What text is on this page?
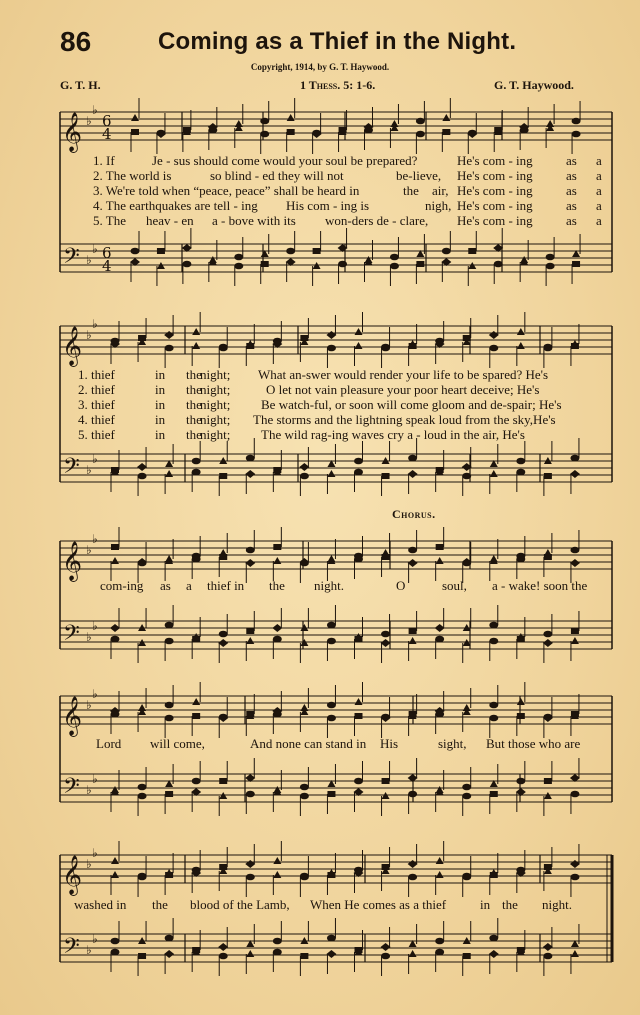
86	Coming as a Thief in the Night.
Copyright, 1914, by G. T. Haywood.
G. T. H.	1 Thess. 5: 1-6.	G. T. Haywood.
𝄞
𝄢
♭
♭
♭
♭
𝄞
𝄢
♭
♭
♭
♭
𝄞
𝄢
♭
♭
♭
♭
𝄞
𝄢
♭
♭
♭
♭
𝄞
𝄢
♭
♭
♭
♭
6
4
6
4
1. If	Je - sus should come would your soul be prepared?	He's com - ing	as a
2. The world is	so blind - ed they will not	be-lieve, He's com - ing	as a
3. We're told when “peace, peace” shall be heard in	the air, He's com - ing	as a
4. The earthquakes are tell - ing His com - ing is	nigh, He's com - ing	as a
5. The heav - en a - bove with its won-ders de - clare, He's com - ing	as a
1. thief	in the
night; What an-swer would render your life to be spared? He's
2. thief	in the
night;	O let not vain pleasure your poor heart deceive; He's
3. thief	in the
night; Be watch-ful, or soon will come gloom and de-spair; He's
4. thief	in the
night; The storms and the lightning speak loud from the sky,He's
5. thief	in the
night; The wild rag-ing waves cry a - loud in the air, He's
Chorus.
com-ing as a thief in the night.	O	soul, a - wake! soon the
Lord will come,	And none can stand in His	sight, But those who are
washed in the blood of the Lamb, When He comes as a thief	in the night.
